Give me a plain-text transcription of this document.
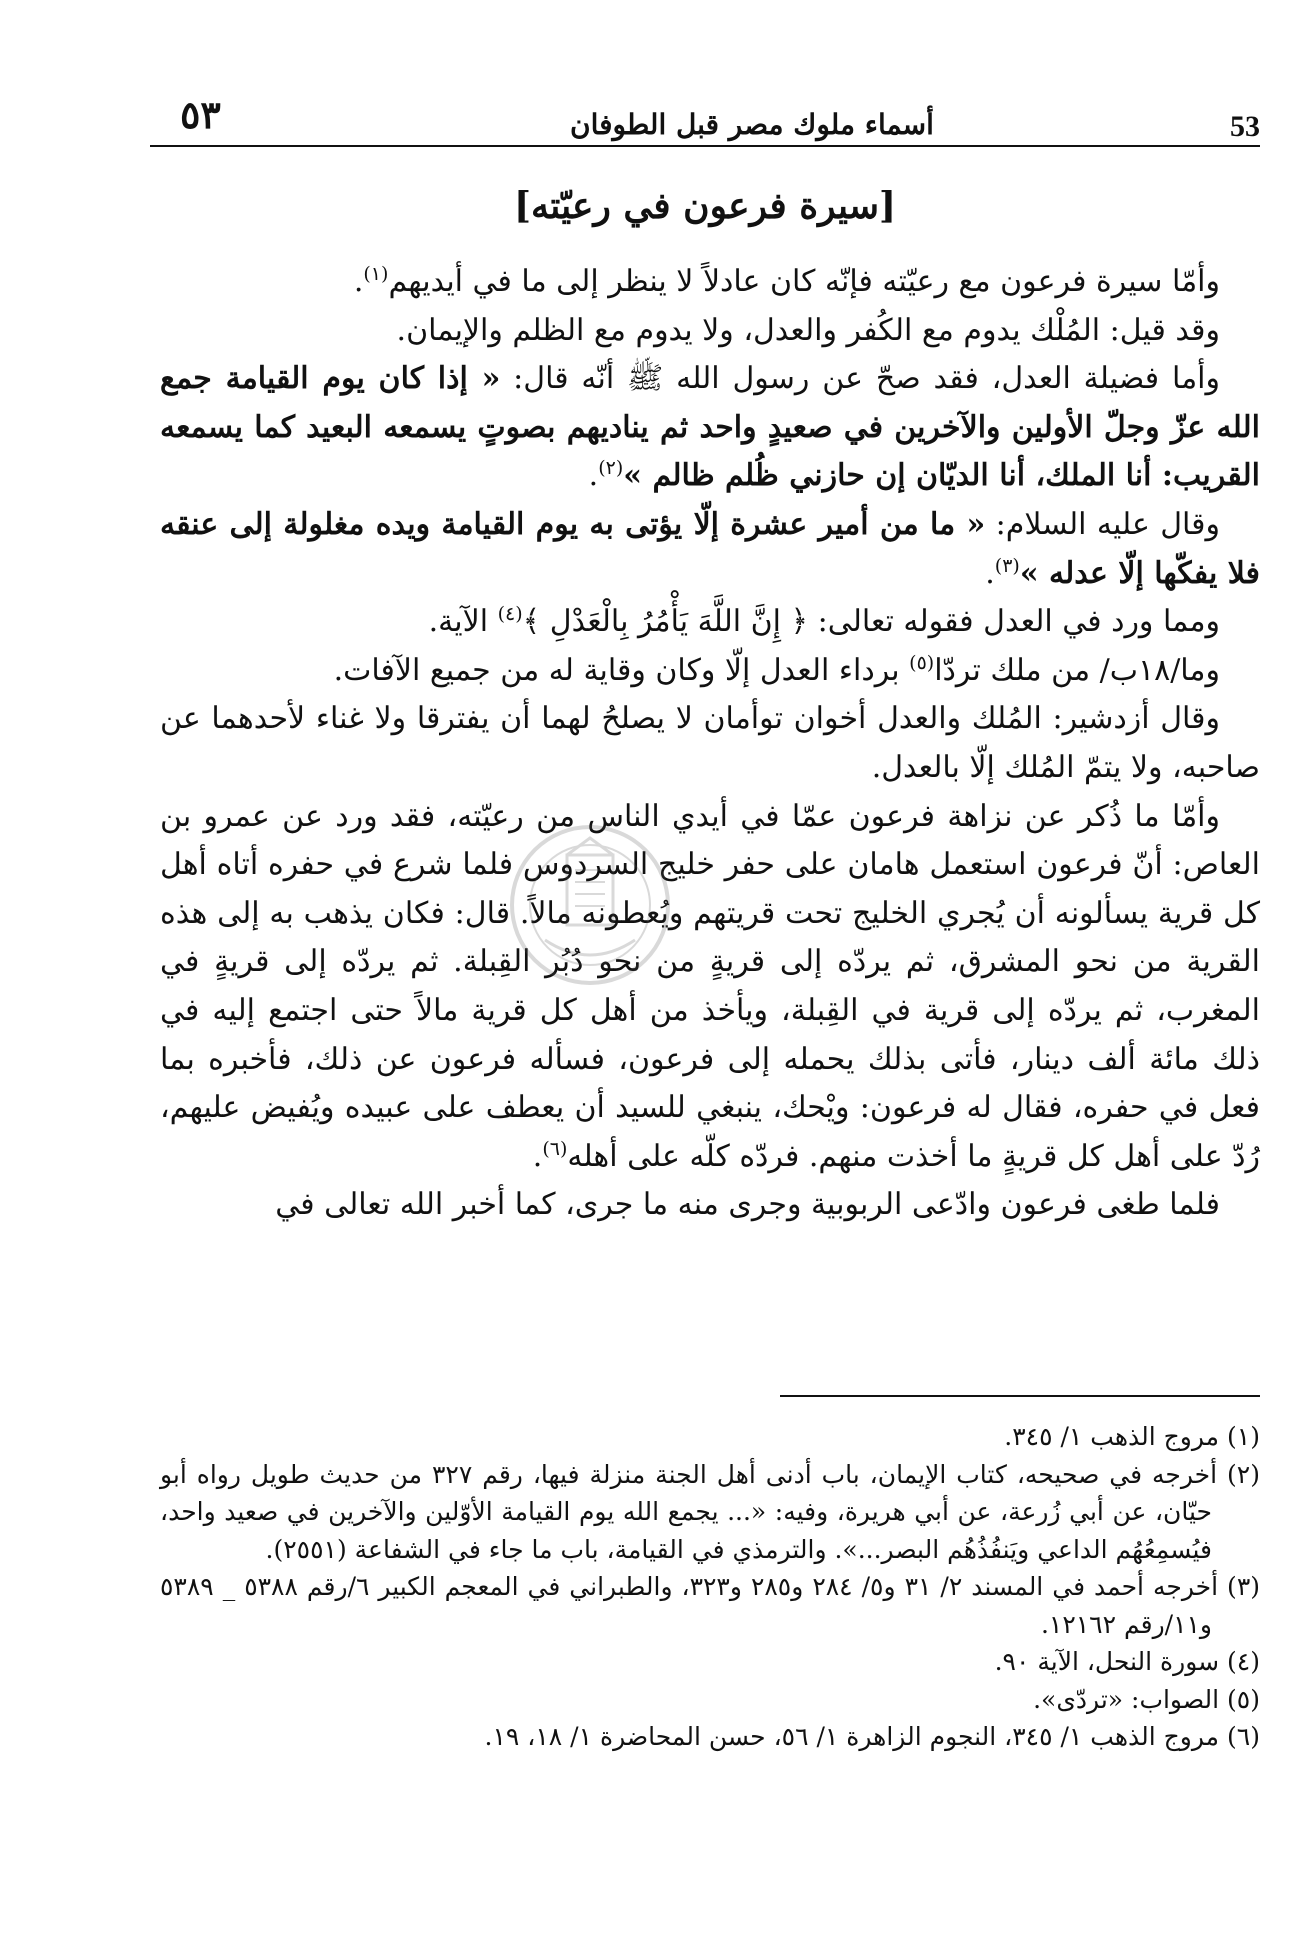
٥٣	أسماء ملوك مصر قبل الطوفان	53
[سيرة فرعون في رعيّته]

وأمّا سيرة فرعون مع رعيّته فإنّه كان عادلاً لا ينظر إلى ما في أيديهم$^{(١)}$.

وقد قيل: المُلْك يدوم مع الكُفر والعدل، ولا يدوم مع الظلم والإيمان.

وأما فضيلة العدل، فقد صحّ عن رسول الله ﷺ أنّه قال: « إذا كان يوم القيامة جمع الله عزّ وجلّ الأولين والآخرين في صعيدٍ واحد ثم يناديهم بصوتٍ يسمعه البعيد كما يسمعه القريب: أنا الملك، أنا الديّان إن حازني ظُلم ظالم »$^{(٢)}$.

وقال عليه السلام: « ما من أمير عشرة إلّا يؤتى به يوم القيامة ويده مغلولة إلى عنقه فلا يفكّها إلّا عدله »$^{(٣)}$.

ومما ورد في العدل فقوله تعالى: ﴿ إِنَّ اللَّهَ يَأْمُرُ بِالْعَدْلِ ﴾$^{(٤)}$ الآية.

وما/١٨ب/ من ملك تردّا$^{(٥)}$ برداء العدل إلّا وكان وقاية له من جميع الآفات.

وقال أزدشير: المُلك والعدل أخوان توأمان لا يصلحُ لهما أن يفترقا ولا غناء لأحدهما عن صاحبه، ولا يتمّ المُلك إلّا بالعدل.

وأمّا ما ذُكر عن نزاهة فرعون عمّا في أيدي الناس من رعيّته، فقد ورد عن عمرو بن العاص: أنّ فرعون استعمل هامان على حفر خليج السردوس فلما شرع في حفره أتاه أهل كل قرية يسألونه أن يُجري الخليج تحت قريتهم ويُعطونه مالاً. قال: فكان يذهب به إلى هذه القرية من نحو المشرق، ثم يردّه إلى قريةٍ من نحو دُبُر القِبلة. ثم يردّه إلى قريةٍ في المغرب، ثم يردّه إلى قرية في القِبلة، ويأخذ من أهل كل قرية مالاً حتى اجتمع إليه في ذلك مائة ألف دينار، فأتى بذلك يحمله إلى فرعون، فسأله فرعون عن ذلك، فأخبره بما فعل في حفره، فقال له فرعون: ويْحك، ينبغي للسيد أن يعطف على عبيده ويُفيض عليهم، رُدّ على أهل كل قريةٍ ما أخذت منهم. فردّه كلّه على أهله$^{(٦)}$.

فلما طغى فرعون وادّعى الربوبية وجرى منه ما جرى، كما أخبر الله تعالى في

(١) مروج الذهب ١/ ٣٤٥.

(٢) أخرجه في صحيحه، كتاب الإيمان، باب أدنى أهل الجنة منزلة فيها، رقم ٣٢٧ من حديث طويل رواه أبو حيّان، عن أبي زُرعة، عن أبي هريرة، وفيه: «... يجمع الله يوم القيامة الأوّلين والآخرين في صعيد واحد، فيُسمِعُهُم الداعي ويَنفُذُهُم البصر...». والترمذي في القيامة، باب ما جاء في الشفاعة (٢٥٥١).

(٣) أخرجه أحمد في المسند ٢/ ٣١ و٥/ ٢٨٤ و٢٨٥ و٣٢٣، والطبراني في المعجم الكبير ٦/رقم ٥٣٨٨ _ ٥٣٨٩ و١١/رقم ١٢١٦٢.

(٤) سورة النحل، الآية ٩٠.

(٥) الصواب: «تردّى».

(٦) مروج الذهب ١/ ٣٤٥، النجوم الزاهرة ١/ ٥٦، حسن المحاضرة ١/ ١٨، ١٩.
